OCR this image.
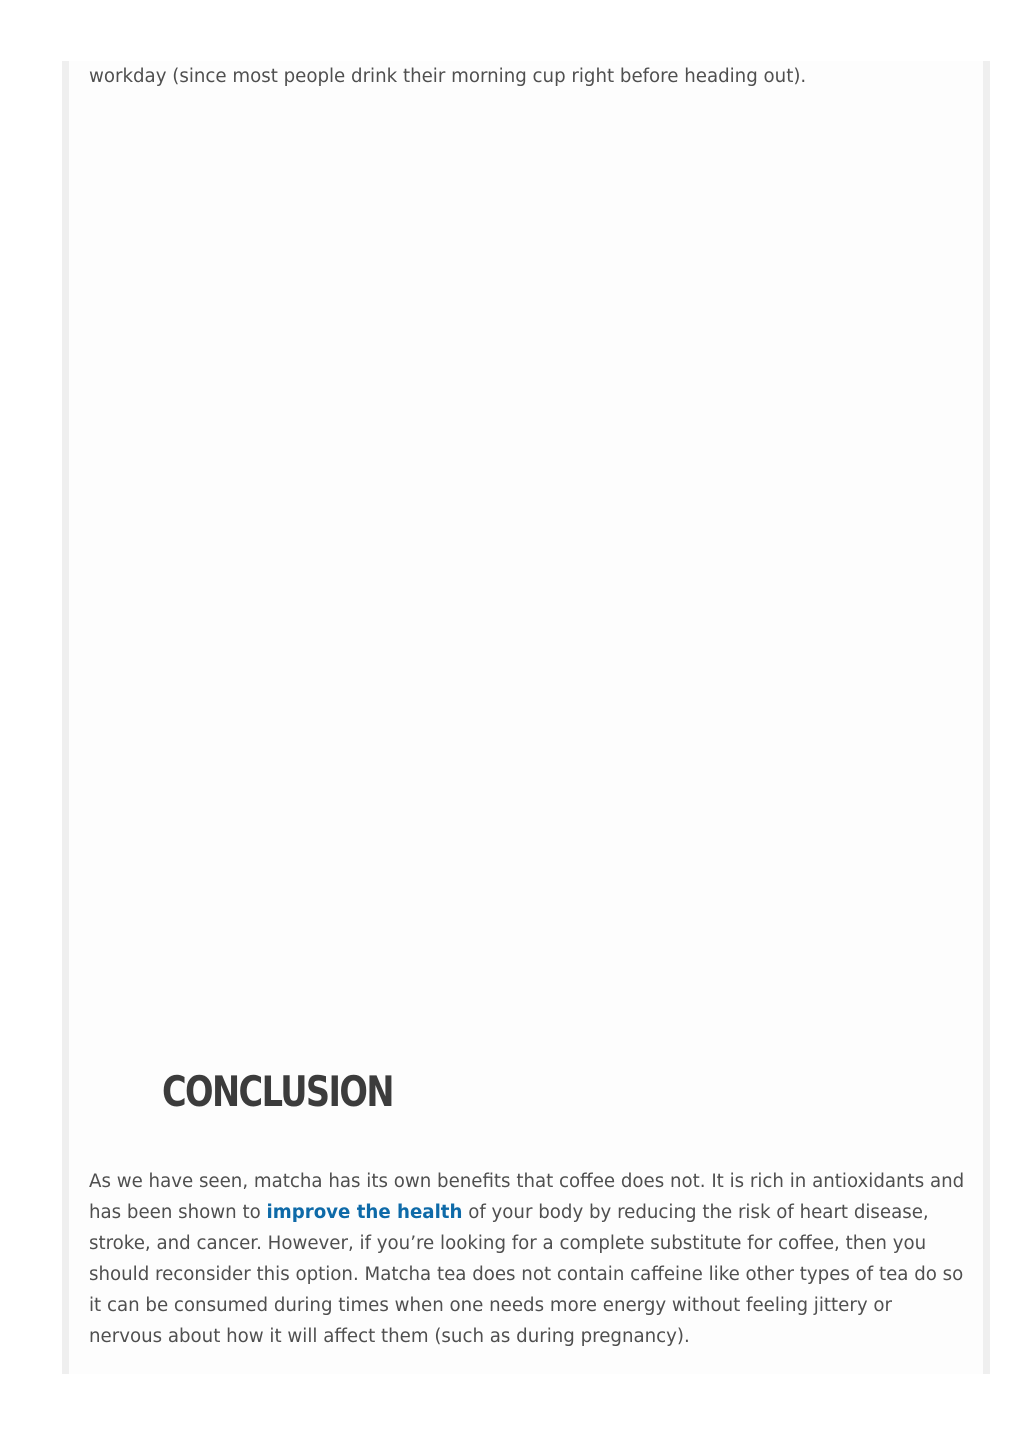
workday (since most people drink their morning cup right before heading out).

CONCLUSION

As we have seen, matcha has its own benefits that coffee does not. It is rich in antioxidants and has been shown to improve the health of your body by reducing the risk of heart disease, stroke, and cancer. However, if you’re looking for a complete substitute for coffee, then you should reconsider this option. Matcha tea does not contain caffeine like other types of tea do so it can be consumed during times when one needs more energy without feeling jittery or nervous about how it will affect them (such as during pregnancy).
